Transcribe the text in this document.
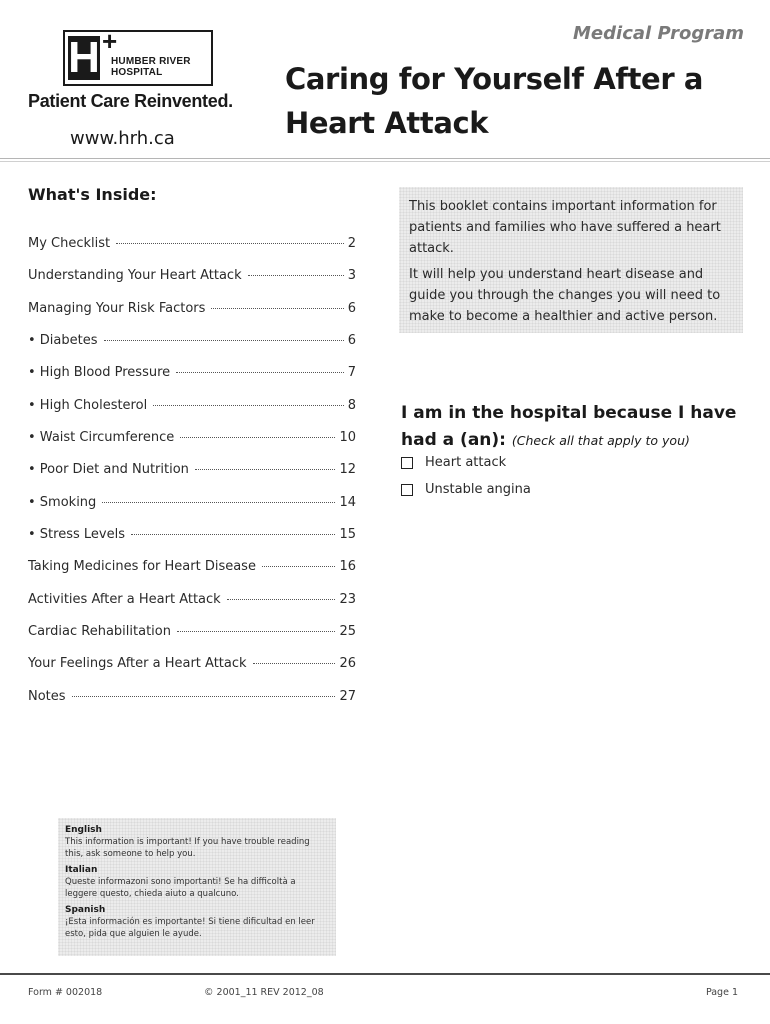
H +
HUMBER RIVER
HOSPITAL
Patient Care Reinvented.
www.hrh.ca
Medical Program
Caring for Yourself After a Heart Attack
What's Inside:
My Checklist	2
Understanding Your Heart Attack	3
Managing Your Risk Factors	6
• Diabetes	6
• High Blood Pressure	7
• High Cholesterol	8
• Waist Circumference	10
• Poor Diet and Nutrition	12
• Smoking	14
• Stress Levels	15
Taking Medicines for Heart Disease	16
Activities After a Heart Attack	23
Cardiac Rehabilitation	25
Your Feelings After a Heart Attack	26
Notes	27

This booklet contains important information for patients and families who have suffered a heart attack.

It will help you understand heart disease and guide you through the changes you will need to make to become a healthier and active person.

I am in the hospital because I have had a (an): (Check all that apply to you)
Heart attack
Unstable angina

English

This information is important! If you have trouble reading this, ask someone to help you.

Italian

Queste informazoni sono importanti! Se ha difficoltà a leggere questo, chieda aiuto a qualcuno.

Spanish

¡Esta información es importante! Si tiene dificultad en leer esto, pida que alguien le ayude.

Form # 002018	© 2001_11 REV 2012_08	Page 1
